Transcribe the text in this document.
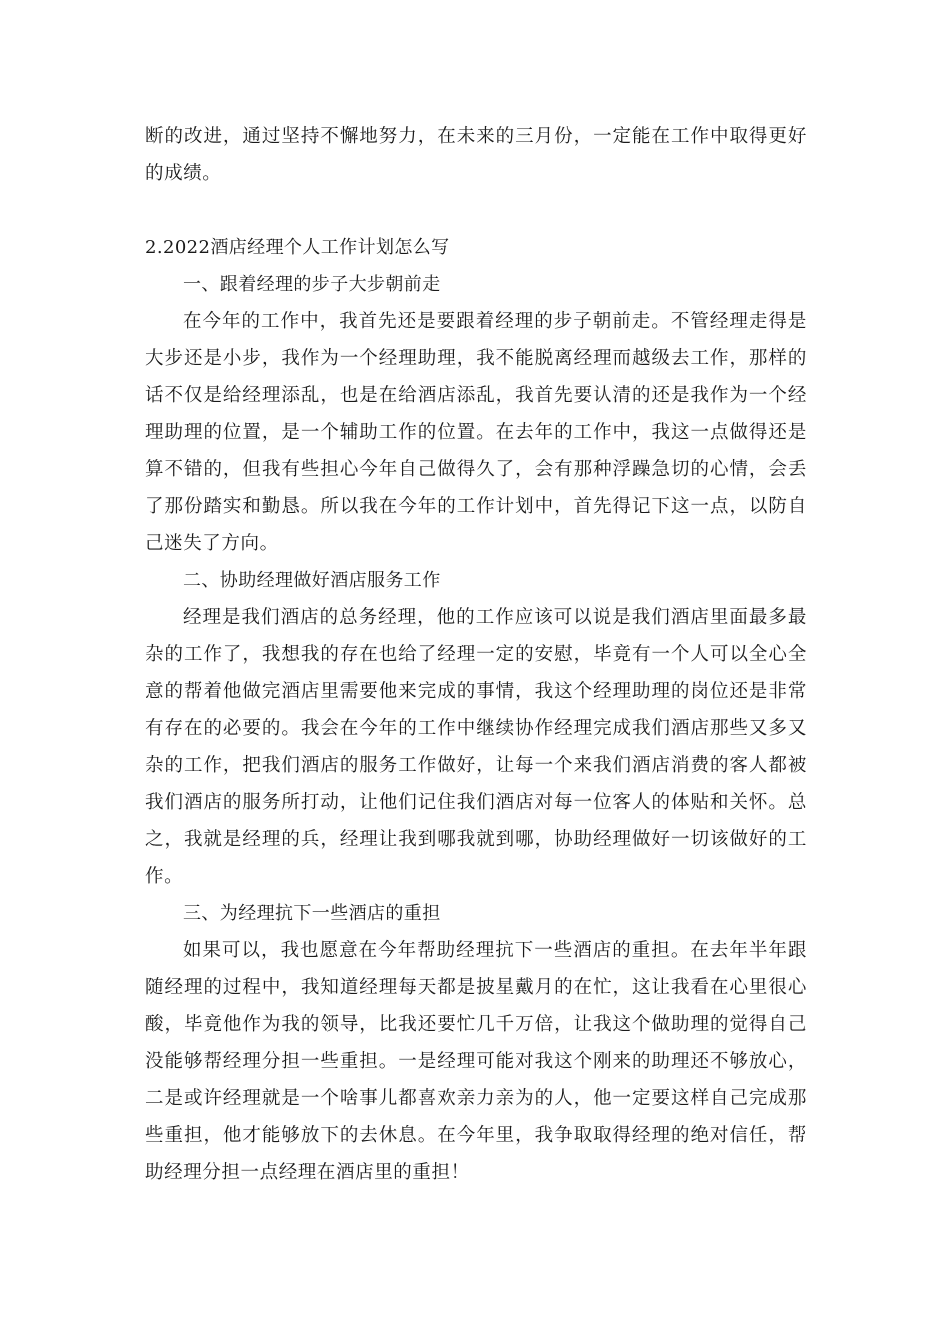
断的改进，通过坚持不懈地努力，在未来的三月份，一定能在工作中取得更好的成绩。

2.2022酒店经理个人工作计划怎么写

一、跟着经理的步子大步朝前走

在今年的工作中，我首先还是要跟着经理的步子朝前走。不管经理走得是大步还是小步，我作为一个经理助理，我不能脱离经理而越级去工作，那样的话不仅是给经理添乱，也是在给酒店添乱，我首先要认清的还是我作为一个经理助理的位置，是一个辅助工作的位置。在去年的工作中，我这一点做得还是算不错的，但我有些担心今年自己做得久了，会有那种浮躁急切的心情，会丢了那份踏实和勤恳。所以我在今年的工作计划中，首先得记下这一点，以防自己迷失了方向。

二、协助经理做好酒店服务工作

经理是我们酒店的总务经理，他的工作应该可以说是我们酒店里面最多最杂的工作了，我想我的存在也给了经理一定的安慰，毕竟有一个人可以全心全意的帮着他做完酒店里需要他来完成的事情，我这个经理助理的岗位还是非常有存在的必要的。我会在今年的工作中继续协作经理完成我们酒店那些又多又杂的工作，把我们酒店的服务工作做好，让每一个来我们酒店消费的客人都被我们酒店的服务所打动，让他们记住我们酒店对每一位客人的体贴和关怀。总之，我就是经理的兵，经理让我到哪我就到哪，协助经理做好一切该做好的工作。

三、为经理抗下一些酒店的重担

如果可以，我也愿意在今年帮助经理抗下一些酒店的重担。在去年半年跟随经理的过程中，我知道经理每天都是披星戴月的在忙，这让我看在心里很心酸，毕竟他作为我的领导，比我还要忙几千万倍，让我这个做助理的觉得自己没能够帮经理分担一些重担。一是经理可能对我这个刚来的助理还不够放心，二是或许经理就是一个啥事儿都喜欢亲力亲为的人，他一定要这样自己完成那些重担，他才能够放下的去休息。在今年里，我争取取得经理的绝对信任，帮助经理分担一点经理在酒店里的重担！
